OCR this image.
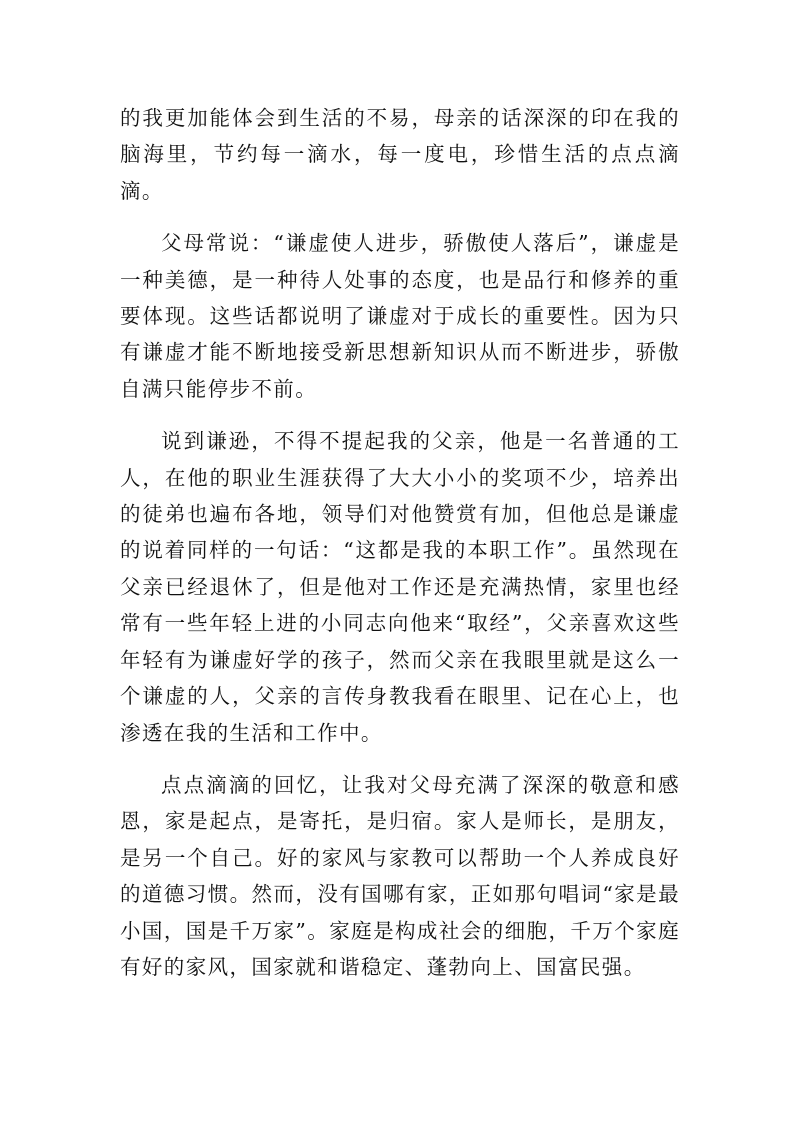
的我更加能体会到生活的不易，母亲的话深深的印在我的脑海里，节约每一滴水，每一度电，珍惜生活的点点滴滴。

父母常说：“谦虚使人进步，骄傲使人落后”，谦虚是一种美德，是一种待人处事的态度，也是品行和修养的重要体现。这些话都说明了谦虚对于成长的重要性。因为只有谦虚才能不断地接受新思想新知识从而不断进步，骄傲自满只能停步不前。

说到谦逊，不得不提起我的父亲，他是一名普通的工人，在他的职业生涯获得了大大小小的奖项不少，培养出的徒弟也遍布各地，领导们对他赞赏有加，但他总是谦虚的说着同样的一句话：“这都是我的本职工作”。虽然现在父亲已经退休了，但是他对工作还是充满热情，家里也经常有一些年轻上进的小同志向他来“取经”，父亲喜欢这些年轻有为谦虚好学的孩子，然而父亲在我眼里就是这么一个谦虚的人，父亲的言传身教我看在眼里、记在心上，也渗透在我的生活和工作中。

点点滴滴的回忆，让我对父母充满了深深的敬意和感恩，家是起点，是寄托，是归宿。家人是师长，是朋友，是另一个自己。好的家风与家教可以帮助一个人养成良好的道德习惯。然而，没有国哪有家，正如那句唱词“家是最小国，国是千万家”。家庭是构成社会的细胞，千万个家庭有好的家风，国家就和谐稳定、蓬勃向上、国富民强。
